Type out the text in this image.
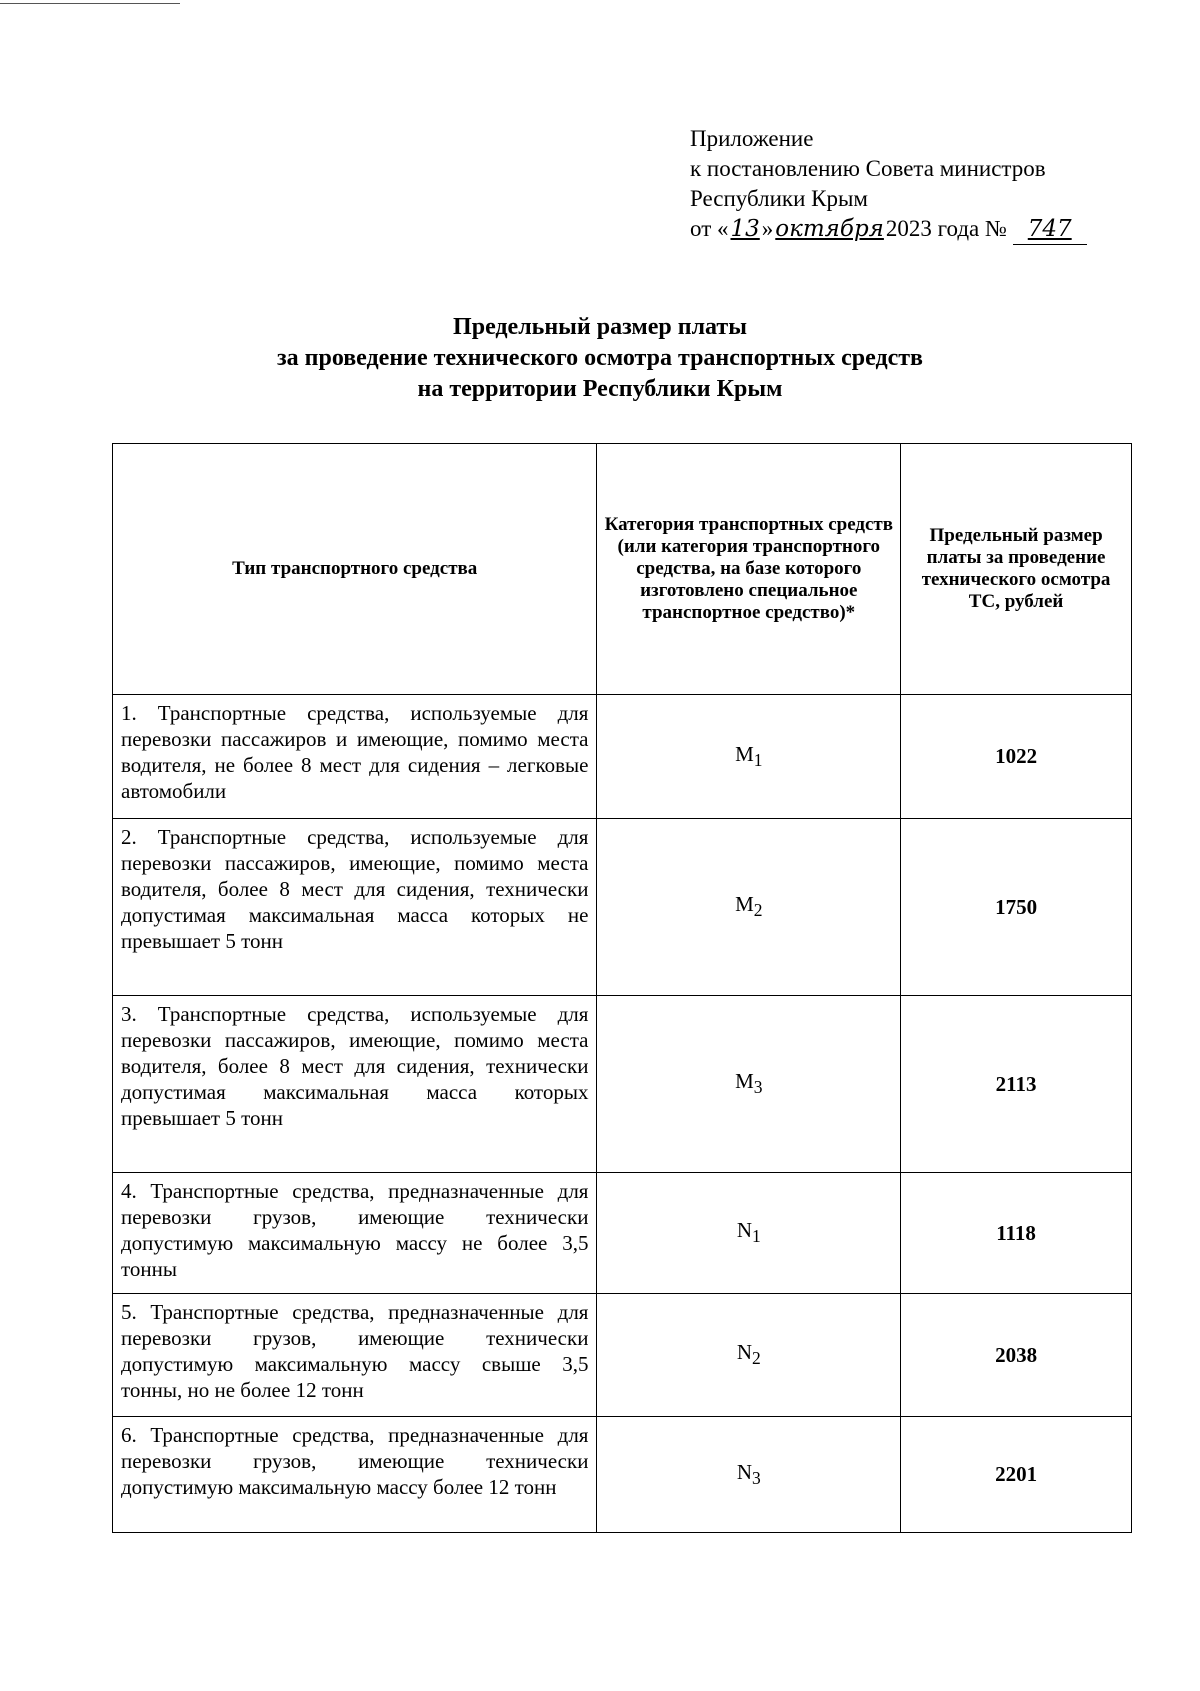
Приложение
к постановлению Совета министров
Республики Крым
от «13»октября2023 года № 747
Предельный размер платы
за проведение технического осмотра транспортных средств
на территории Республики Крым
Тип транспортного средства	Категория транспортных средств (или категория транспортного средства, на базе которого изготовлено специальное транспортное средство)*	Предельный размер платы за проведение технического осмотра ТС, рублей
1. Транспортные средства, используемые для перевозки пассажиров и имеющие, помимо места водителя, не более 8 мест для сидения – легковые автомобили	$M_1$	1022
2. Транспортные средства, используемые для перевозки пассажиров, имеющие, помимо места водителя, более 8 мест для сидения, технически допустимая максимальная масса которых не превышает 5 тонн	$M_2$	1750
3. Транспортные средства, используемые для перевозки пассажиров, имеющие, помимо места водителя, более 8 мест для сидения, технически допустимая максимальная масса которых превышает 5 тонн	$M_3$	2113
4. Транспортные средства, предназначенные для перевозки грузов, имеющие технически допустимую максимальную массу не более 3,5 тонны	$N_1$	1118
5. Транспортные средства, предназначенные для перевозки грузов, имеющие технически допустимую максимальную массу свыше 3,5 тонны, но не более 12 тонн	$N_2$	2038
6. Транспортные средства, предназначенные для перевозки грузов, имеющие технически допустимую максимальную массу более 12 тонн	$N_3$	2201
